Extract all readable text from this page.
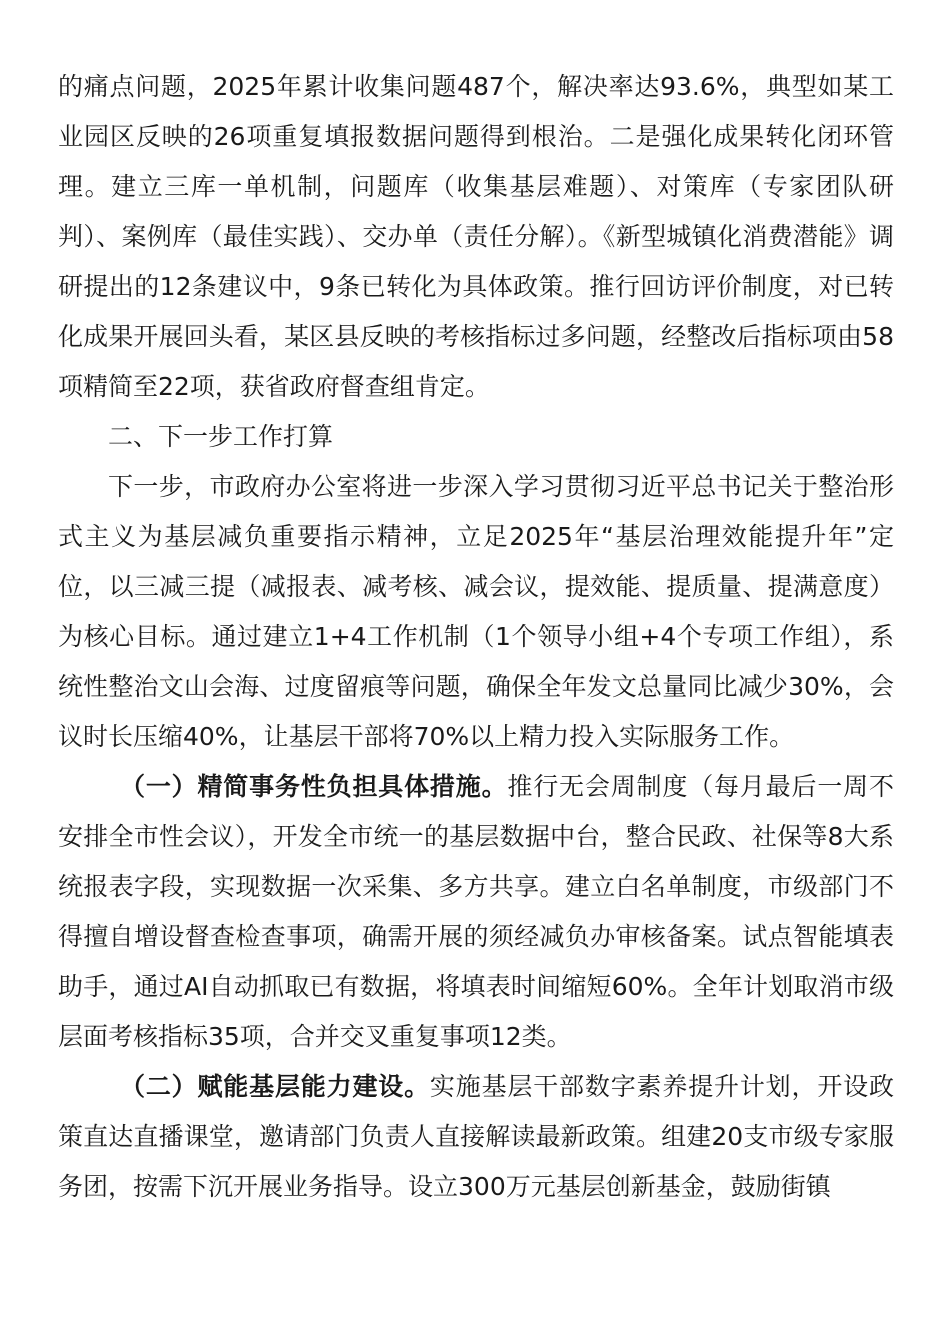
的痛点问题，2025年累计收集问题487个，解决率达93.6%，典型如某工业园区反映的26项重复填报数据问题得到根治。二是强化成果转化闭环管理。建立三库一单机制，问题库（收集基层难题）、对策库（专家团队研判）、案例库（最佳实践）、交办单（责任分解）。《新型城镇化消费潜能》调研提出的12条建议中，9条已转化为具体政策。推行回访评价制度，对已转化成果开展回头看，某区县反映的考核指标过多问题，经整改后指标项由58项精简至22项，获省政府督查组肯定。

二、下一步工作打算

下一步，市政府办公室将进一步深入学习贯彻习近平总书记关于整治形式主义为基层减负重要指示精神，立足2025年“基层治理效能提升年”定位，以三减三提（减报表、减考核、减会议，提效能、提质量、提满意度）为核心目标。通过建立1+4工作机制（1个领导小组+4个专项工作组），系统性整治文山会海、过度留痕等问题，确保全年发文总量同比减少30%，会议时长压缩40%，让基层干部将70%以上精力投入实际服务工作。

（一）精简事务性负担具体措施。推行无会周制度（每月最后一周不安排全市性会议），开发全市统一的基层数据中台，整合民政、社保等8大系统报表字段，实现数据一次采集、多方共享。建立白名单制度，市级部门不得擅自增设督查检查事项，确需开展的须经减负办审核备案。试点智能填表助手，通过AI自动抓取已有数据，将填表时间缩短60%。全年计划取消市级层面考核指标35项，合并交叉重复事项12类。

（二）赋能基层能力建设。实施基层干部数字素养提升计划，开设政策直达直播课堂，邀请部门负责人直接解读最新政策。组建20支市级专家服务团，按需下沉开展业务指导。设立300万元基层创新基金，鼓励街镇
